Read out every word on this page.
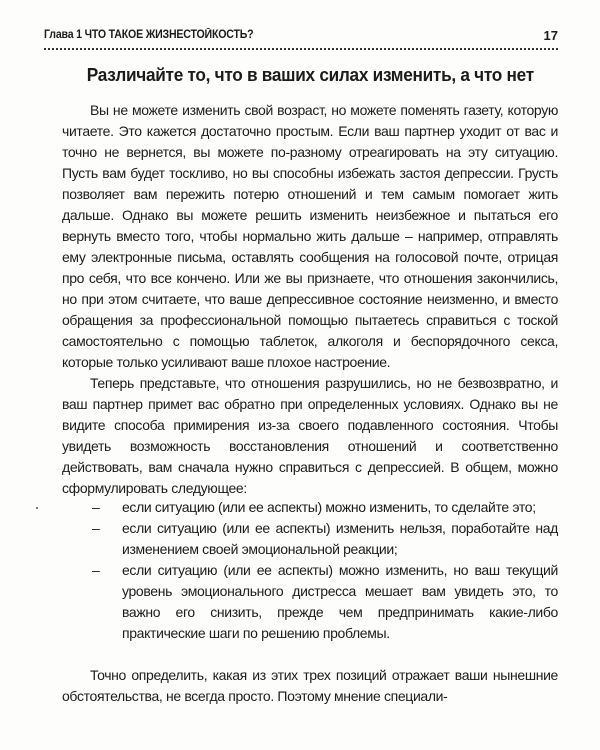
Глава 1 ЧТО ТАКОЕ ЖИЗНЕСТОЙКОСТЬ?	17
Различайте то, что в ваших силах изменить, а что нет

Вы не можете изменить свой возраст, но можете поменять газету, которую читаете. Это кажется достаточно простым. Если ваш партнер уходит от вас и точно не вернется, вы можете по-разному отреагировать на эту ситуацию. Пусть вам будет тоскливо, но вы способны избежать застоя депрессии. Грусть позволяет вам пережить потерю отношений и тем самым помогает жить дальше. Однако вы можете решить изменить неизбежное и пытаться его вернуть вместо того, чтобы нормально жить дальше – например, отправлять ему электронные письма, оставлять сообщения на голосовой почте, отрицая про себя, что все кончено. Или же вы признаете, что отношения закончились, но при этом считаете, что ваше депрессивное состояние неизменно, и вместо обращения за профессиональной помощью пытаетесь справиться с тоской самостоятельно с помощью таблеток, алкоголя и беспорядочного секса, которые только усиливают ваше плохое настроение.

Теперь представьте, что отношения разрушились, но не безвозвратно, и ваш партнер примет вас обратно при определенных условиях. Однако вы не видите способа примирения из-за своего подавленного состояния. Чтобы увидеть возможность восстановления отношений и соответственно действовать, вам сначала нужно справиться с депрессией. В общем, можно сформулировать следующее:

– если ситуацию (или ее аспекты) можно изменить, то сделайте это;
– если ситуацию (или ее аспекты) изменить нельзя, поработайте над изменением своей эмоциональной реакции;
– если ситуацию (или ее аспекты) можно изменить, но ваш текущий уровень эмоционального дистресса мешает вам увидеть это, то важно его снизить, прежде чем предпринимать какие-либо практические шаги по решению проблемы.

Точно определить, какая из этих трех позиций отражает ваши нынешние обстоятельства, не всегда просто. Поэтому мнение специали-
